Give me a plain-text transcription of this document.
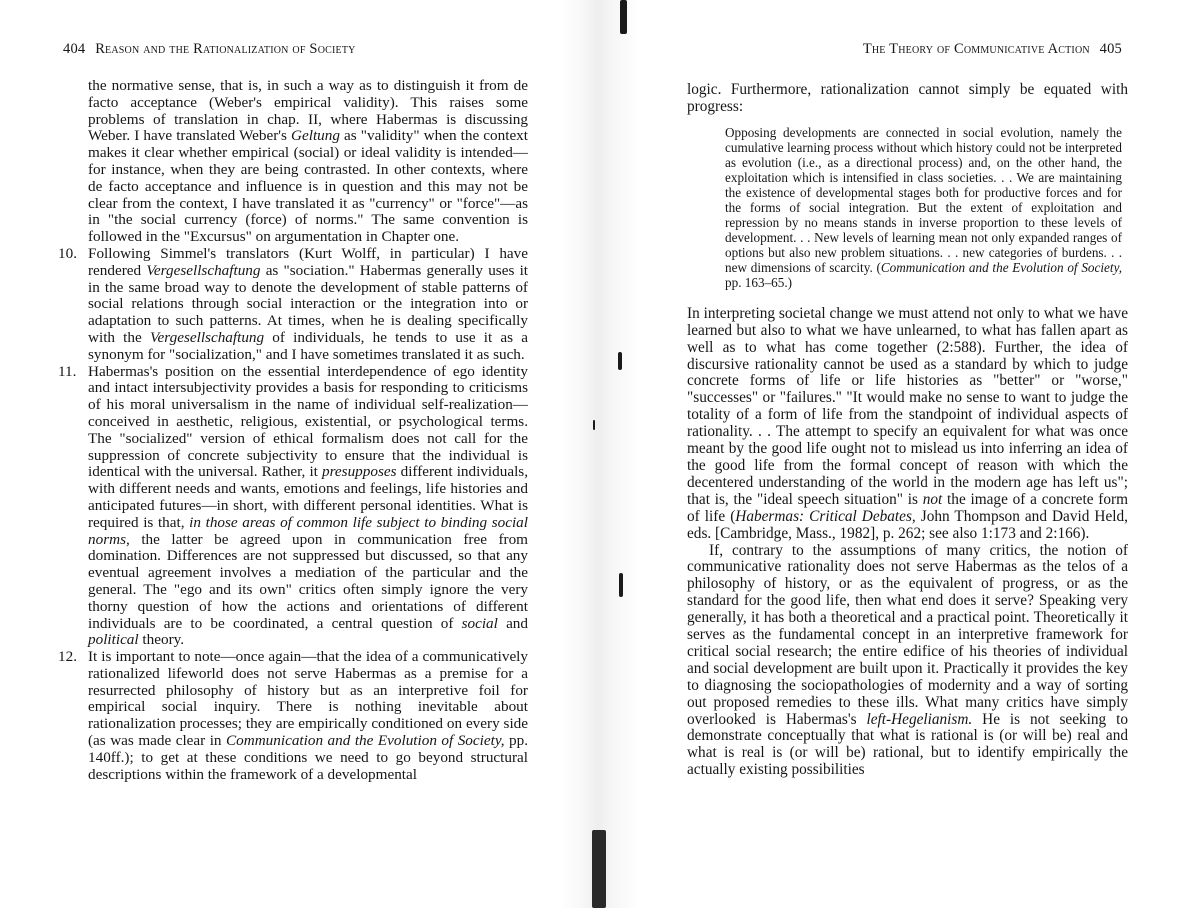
404 Reason and the Rationalization of Society
the normative sense, that is, in such a way as to distinguish it from de facto acceptance (Weber's empirical validity). This raises some problems of translation in chap. II, where Habermas is discussing Weber. I have translated Weber's Geltung as "validity" when the context makes it clear whether empirical (social) or ideal validity is intended—for instance, when they are being contrasted. In other contexts, where de facto acceptance and influence is in question and this may not be clear from the context, I have translated it as "currency" or "force"—as in "the social currency (force) of norms." The same convention is followed in the "Excursus" on argumentation in Chapter one.
10. Following Simmel's translators (Kurt Wolff, in particular) I have rendered Vergesellschaftung as "sociation." Habermas generally uses it in the same broad way to denote the development of stable patterns of social relations through social interaction or the integration into or adaptation to such patterns. At times, when he is dealing specifically with the Vergesellschaftung of individuals, he tends to use it as a synonym for "socialization," and I have sometimes translated it as such.
11. Habermas's position on the essential interdependence of ego identity and intact intersubjectivity provides a basis for responding to criticisms of his moral universalism in the name of individual self-realization—conceived in aesthetic, religious, existential, or psychological terms. The "socialized" version of ethical formalism does not call for the suppression of concrete subjectivity to ensure that the individual is identical with the universal. Rather, it presupposes different individuals, with different needs and wants, emotions and feelings, life histories and anticipated futures—in short, with different personal identities. What is required is that, in those areas of common life subject to binding social norms, the latter be agreed upon in communication free from domination. Differences are not suppressed but discussed, so that any eventual agreement involves a mediation of the particular and the general. The "ego and its own" critics often simply ignore the very thorny question of how the actions and orientations of different individuals are to be coordinated, a central question of social and political theory.
12. It is important to note—once again—that the idea of a communicatively rationalized lifeworld does not serve Habermas as a premise for a resurrected philosophy of history but as an interpretive foil for empirical social inquiry. There is nothing inevitable about rationalization processes; they are empirically conditioned on every side (as was made clear in Communication and the Evolution of Society, pp. 140ff.); to get at these conditions we need to go beyond structural descriptions within the framework of a developmental
The Theory of Communicative Action 405

logic. Furthermore, rationalization cannot simply be equated with progress:

Opposing developments are connected in social evolution, namely the cumulative learning process without which history could not be interpreted as evolution (i.e., as a directional process) and, on the other hand, the exploitation which is intensified in class societies. . . We are maintaining the existence of developmental stages both for productive forces and for the forms of social integration. But the extent of exploitation and repression by no means stands in inverse proportion to these levels of development. . . New levels of learning mean not only expanded ranges of options but also new problem situations. . . new categories of burdens. . . new dimensions of scarcity. (Communication and the Evolution of Society, pp. 163–65.)

In interpreting societal change we must attend not only to what we have learned but also to what we have unlearned, to what has fallen apart as well as to what has come together (2:588). Further, the idea of discursive rationality cannot be used as a standard by which to judge concrete forms of life or life histories as "better" or "worse," "successes" or "failures." "It would make no sense to want to judge the totality of a form of life from the standpoint of individual aspects of rationality. . . The attempt to specify an equivalent for what was once meant by the good life ought not to mislead us into inferring an idea of the good life from the formal concept of reason with which the decentered understanding of the world in the modern age has left us"; that is, the "ideal speech situation" is not the image of a concrete form of life (Habermas: Critical Debates, John Thompson and David Held, eds. [Cambridge, Mass., 1982], p. 262; see also 1:173 and 2:166).

If, contrary to the assumptions of many critics, the notion of communicative rationality does not serve Habermas as the telos of a philosophy of history, or as the equivalent of progress, or as the standard for the good life, then what end does it serve? Speaking very generally, it has both a theoretical and a practical point. Theoretically it serves as the fundamental concept in an interpretive framework for critical social research; the entire edifice of his theories of individual and social development are built upon it. Practically it provides the key to diagnosing the sociopathologies of modernity and a way of sorting out proposed remedies to these ills. What many critics have simply overlooked is Habermas's left-Hegelianism. He is not seeking to demonstrate conceptually that what is rational is (or will be) real and what is real is (or will be) rational, but to identify empirically the actually existing possibilities
